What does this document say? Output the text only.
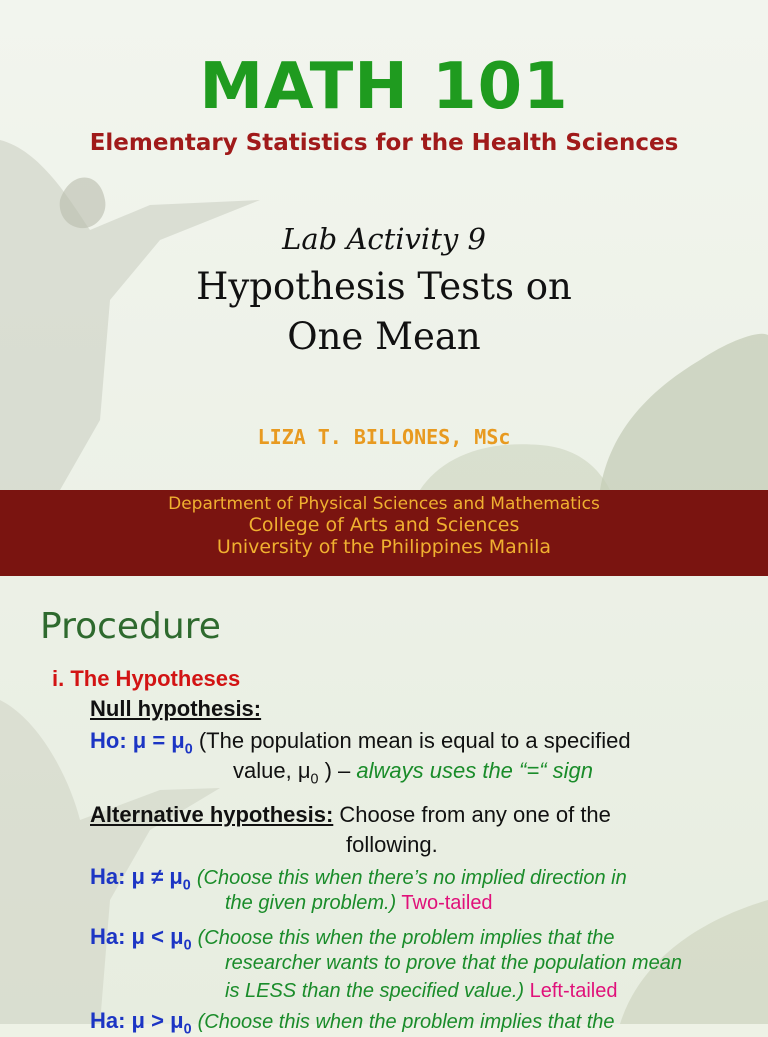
MATH 101
Elementary Statistics for the Health Sciences
Lab Activity 9
Hypothesis Tests on
One Mean
LIZA T. BILLONES, MSc
Department of Physical Sciences and Mathematics
College of Arts and Sciences
University of the Philippines Manila
Procedure
i. The Hypotheses
Null hypothesis:
Ho: $\mu = \mu_0$ (The population mean is equal to a specified
value, $\mu_0$ ) – always uses the “=“ sign
Alternative hypothesis: Choose from any one of the
following.
Ha: $\mu \ne \mu_0$ (Choose this when there’s no implied direction in
the given problem.) Two-tailed
Ha: $\mu < \mu_0$ (Choose this when the problem implies that the
researcher wants to prove that the population mean
is LESS than the specified value.) Left-tailed
Ha: $\mu > \mu_0$ (Choose this when the problem implies that the
